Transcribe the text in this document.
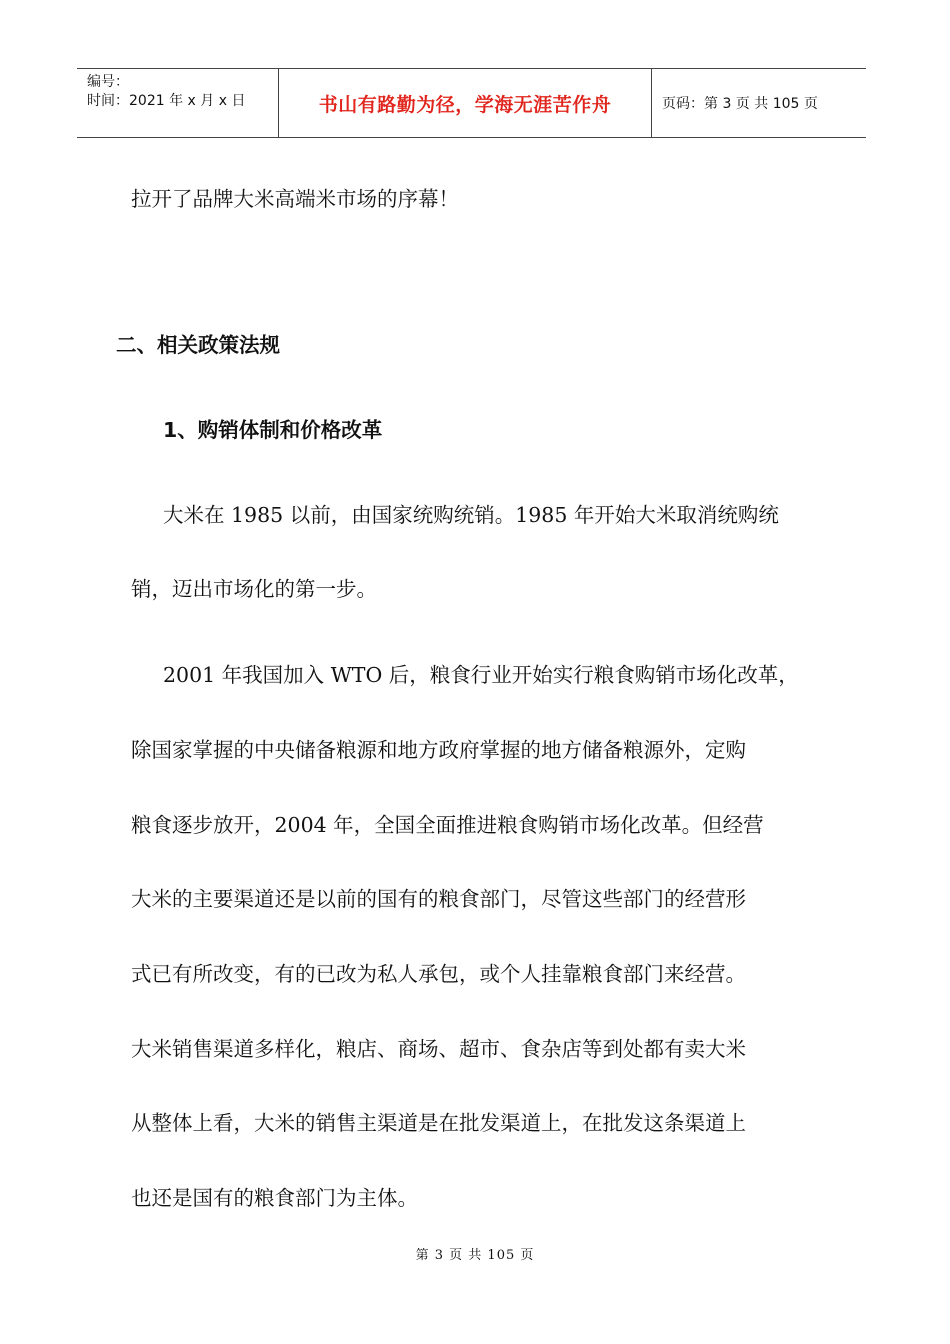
编号：
时间：2021 年 x 月 x 日	书山有路勤为径，学海无涯苦作舟	页码：第 3 页 共 105 页
拉开了品牌大米高端米市场的序幕！
二、相关政策法规
1、购销体制和价格改革
大米在 1985 以前，由国家统购统销。1985 年开始大米取消统购统
销，迈出市场化的第一步。
2001 年我国加入 WTO 后，粮食行业开始实行粮食购销市场化改革，
除国家掌握的中央储备粮源和地方政府掌握的地方储备粮源外，定购
粮食逐步放开，2004 年，全国全面推进粮食购销市场化改革。但经营
大米的主要渠道还是以前的国有的粮食部门，尽管这些部门的经营形
式已有所改变，有的已改为私人承包，或个人挂靠粮食部门来经营。
大米销售渠道多样化，粮店、商场、超市、食杂店等到处都有卖大米
从整体上看，大米的销售主渠道是在批发渠道上，在批发这条渠道上
也还是国有的粮食部门为主体。
第 3 页 共 105 页
